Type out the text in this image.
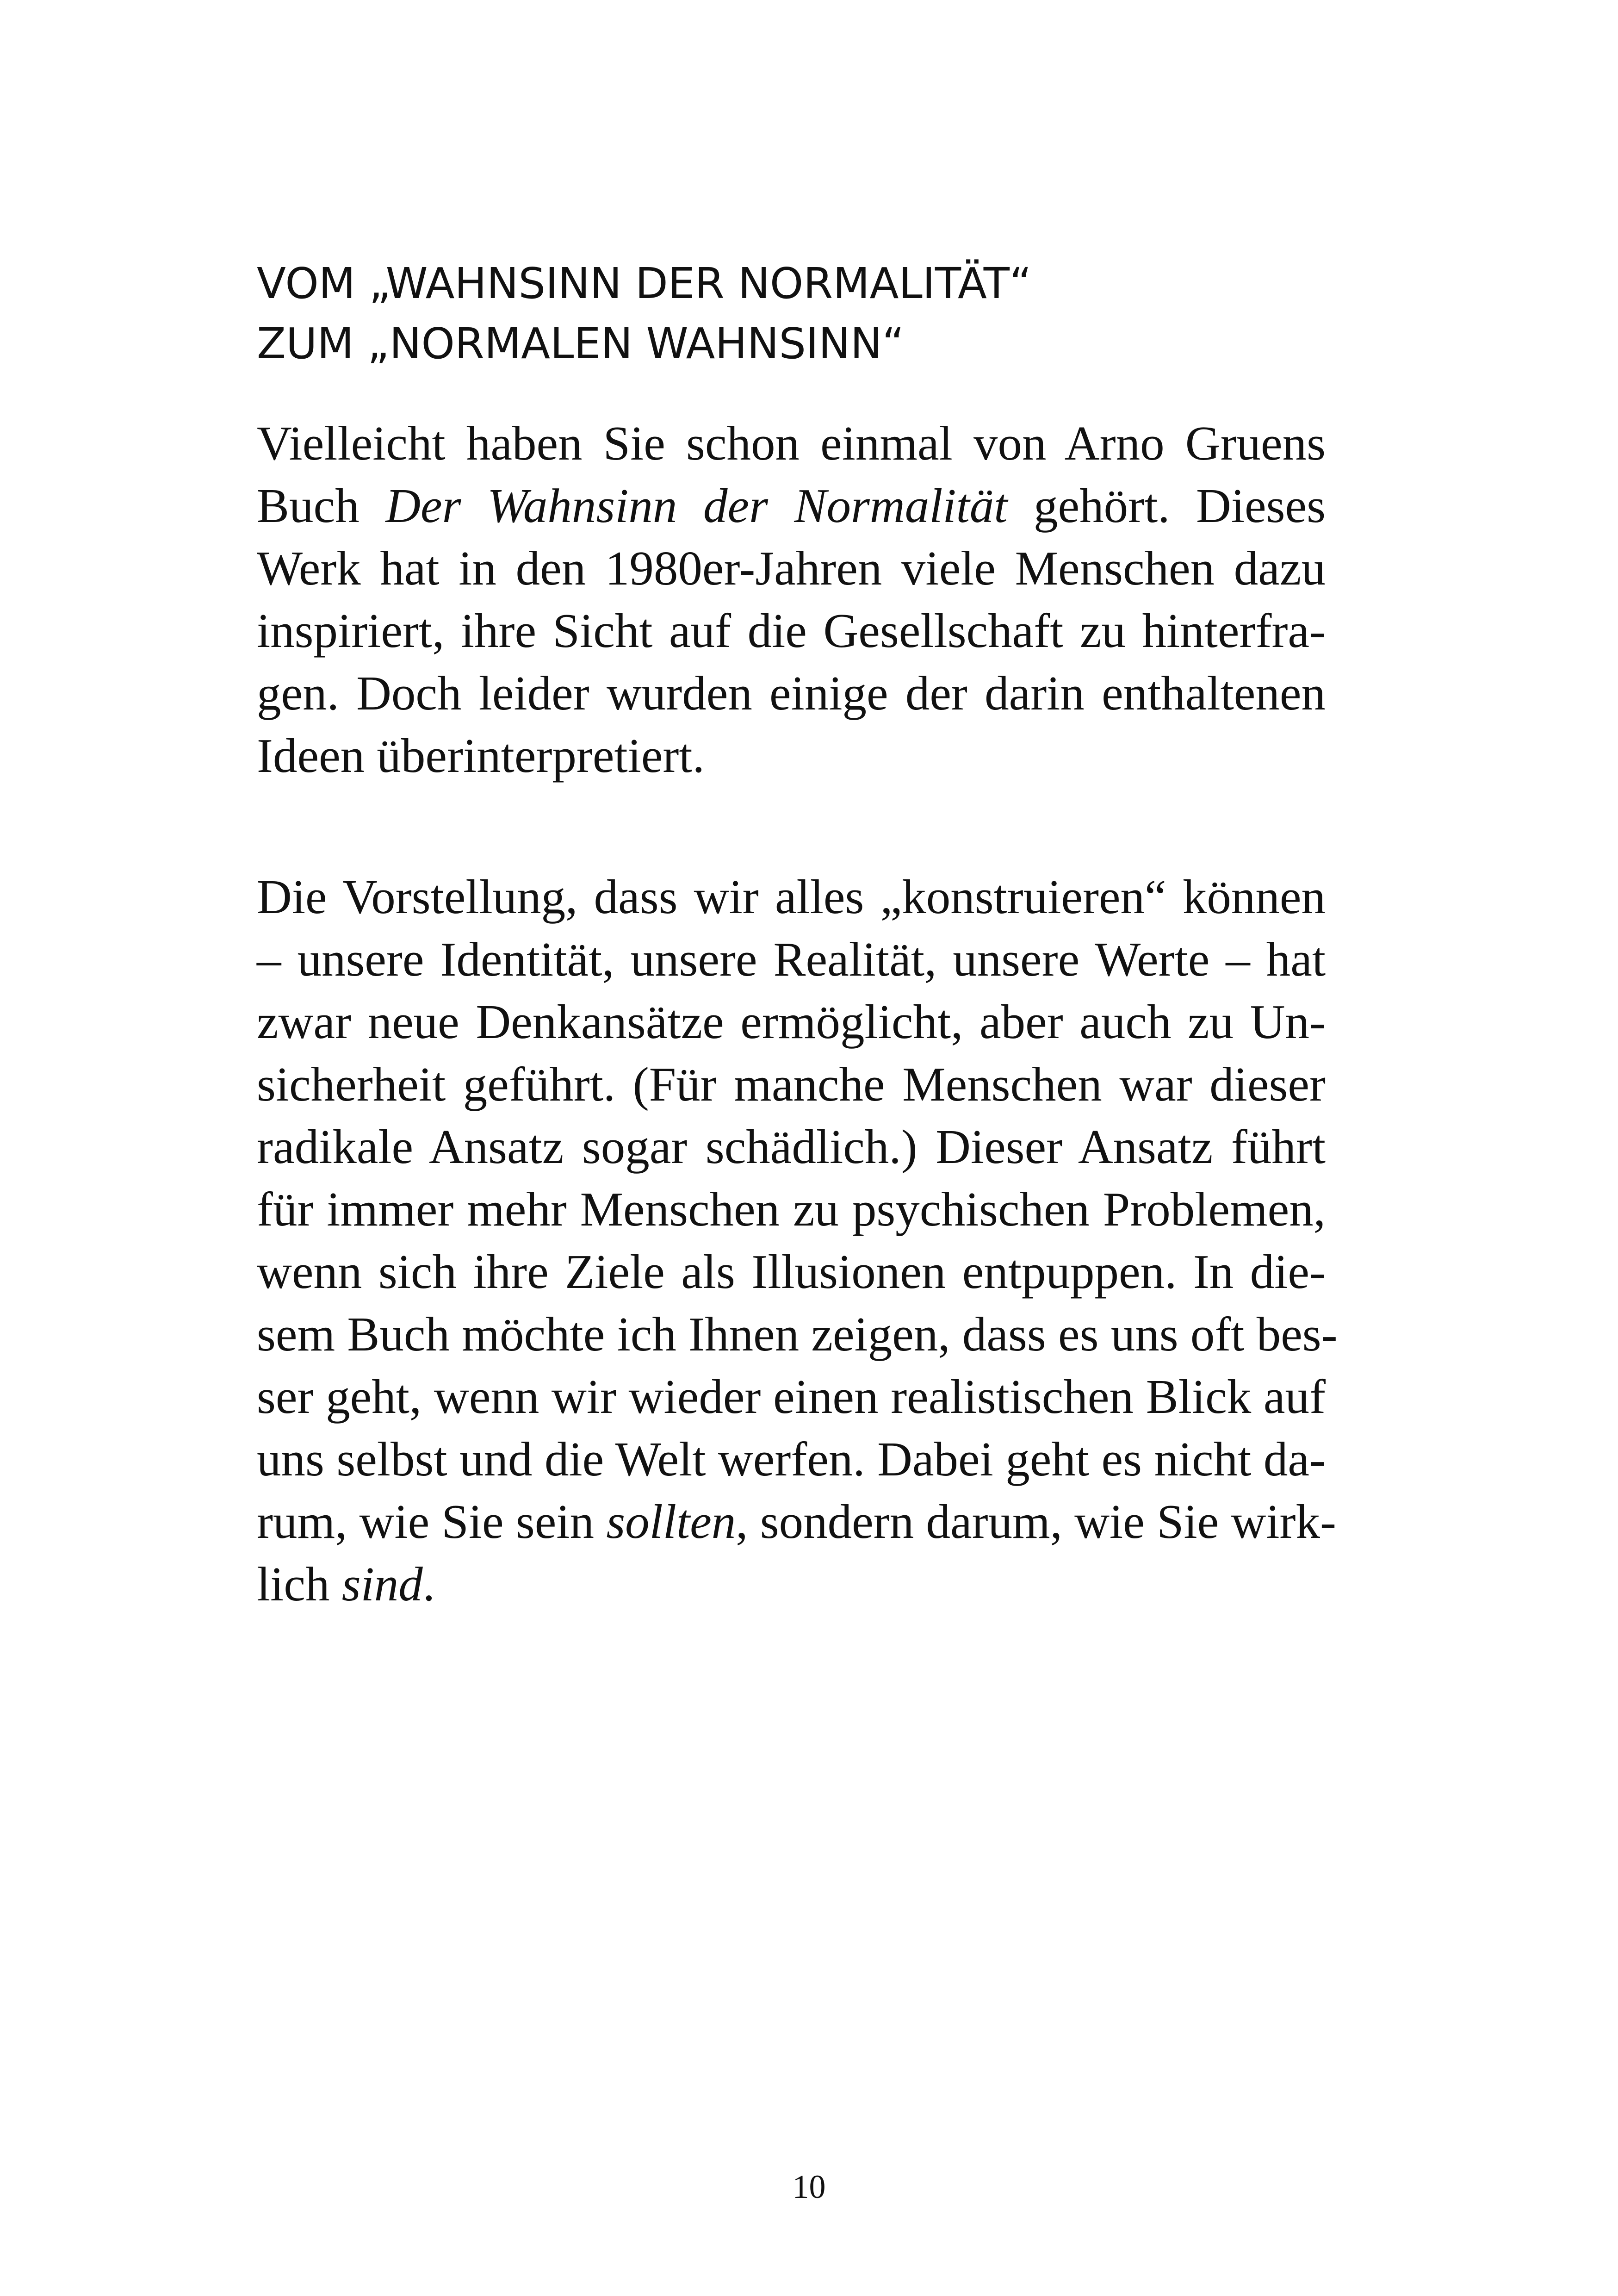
VOM „WAHNSINN DER NORMALITÄT“
ZUM „NORMALEN WAHNSINN“
Vielleicht haben Sie schon einmal von Arno Gruens
Buch Der Wahnsinn der Normalität gehört. Dieses
Werk hat in den 1980er-Jahren viele Menschen dazu
inspiriert, ihre Sicht auf die Gesellschaft zu hinterfra-
gen. Doch leider wurden einige der darin enthaltenen
Ideen überinterpretiert.
Die Vorstellung, dass wir alles „konstruieren“ können
– unsere Identität, unsere Realität, unsere Werte – hat
zwar neue Denkansätze ermöglicht, aber auch zu Un-
sicherheit geführt. (Für manche Menschen war dieser
radikale Ansatz sogar schädlich.) Dieser Ansatz führt
für immer mehr Menschen zu psychischen Problemen,
wenn sich ihre Ziele als Illusionen entpuppen. In die-
sem Buch möchte ich Ihnen zeigen, dass es uns oft bes-
ser geht, wenn wir wieder einen realistischen Blick auf
uns selbst und die Welt werfen. Dabei geht es nicht da-
rum, wie Sie sein sollten, sondern darum, wie Sie wirk-
lich sind.
10
